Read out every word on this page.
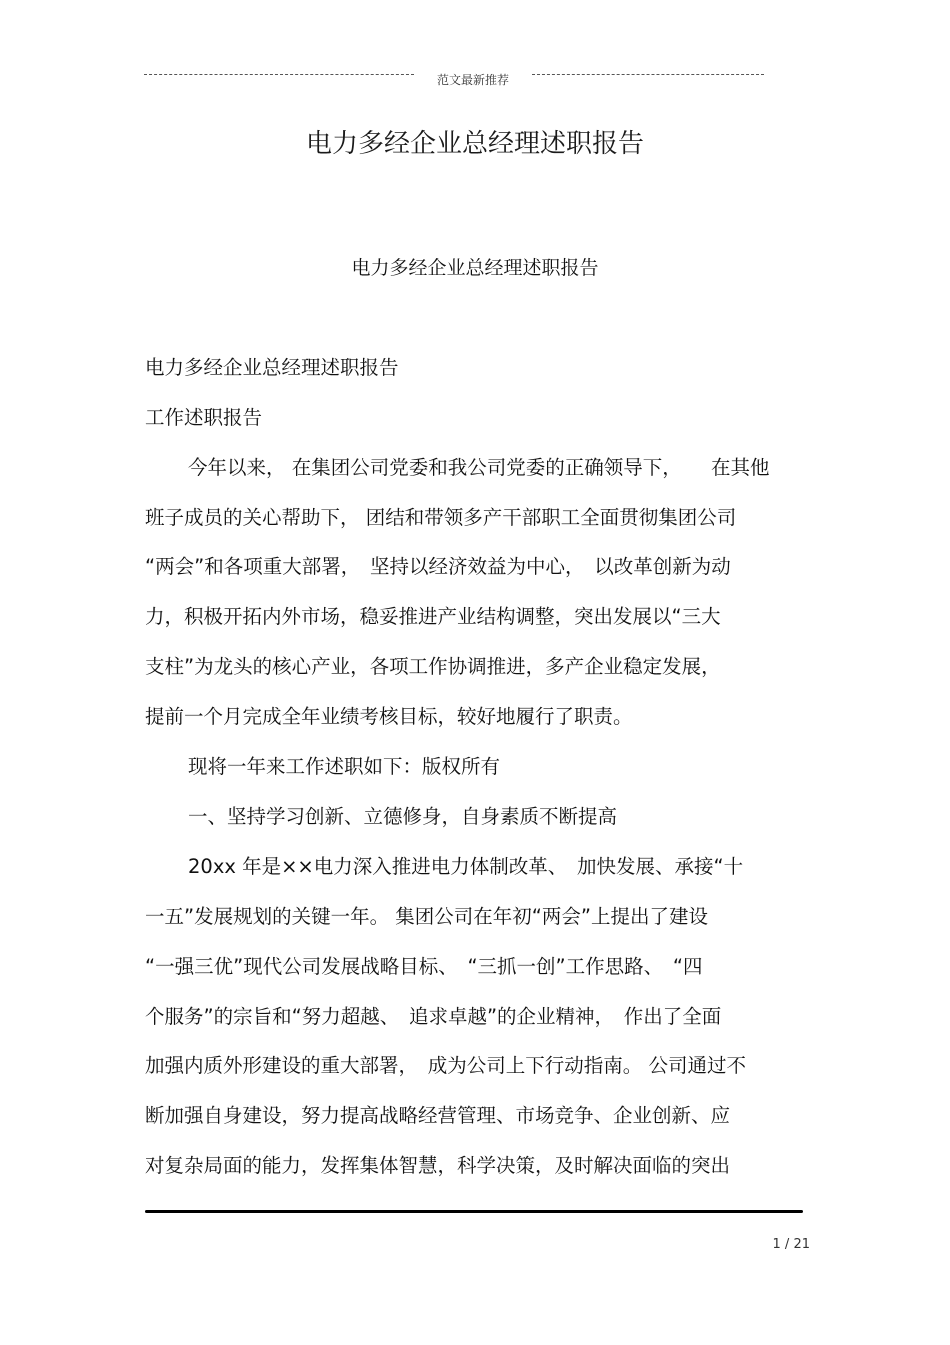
范文最新推荐
电力多经企业总经理述职报告
电力多经企业总经理述职报告
电力多经企业总经理述职报告
工作述职报告
今年以来， 在集团公司党委和我公司党委的正确领导下，　　在其他
班子成员的关心帮助下， 团结和带领多产干部职工全面贯彻集团公司
“两会”和各项重大部署，　坚持以经济效益为中心，　以改革创新为动
力，积极开拓内外市场，稳妥推进产业结构调整，突出发展以“三大
支柱”为龙头的核心产业，各项工作协调推进，多产企业稳定发展，
提前一个月完成全年业绩考核目标，较好地履行了职责。
现将一年来工作述职如下：版权所有
一、坚持学习创新、立德修身，自身素质不断提高
20xx 年是××电力深入推进电力体制改革、　加快发展、承接“十
一五”发展规划的关键一年。 集团公司在年初“两会”上提出了建设
“一强三优”现代公司发展战略目标、　“三抓一创”工作思路、　“四
个服务”的宗旨和“努力超越、　追求卓越”的企业精神，　作出了全面
加强内质外形建设的重大部署，　成为公司上下行动指南。 公司通过不
断加强自身建设，努力提高战略经营管理、市场竞争、企业创新、应
对复杂局面的能力，发挥集体智慧，科学决策，及时解决面临的突出
1 / 21
